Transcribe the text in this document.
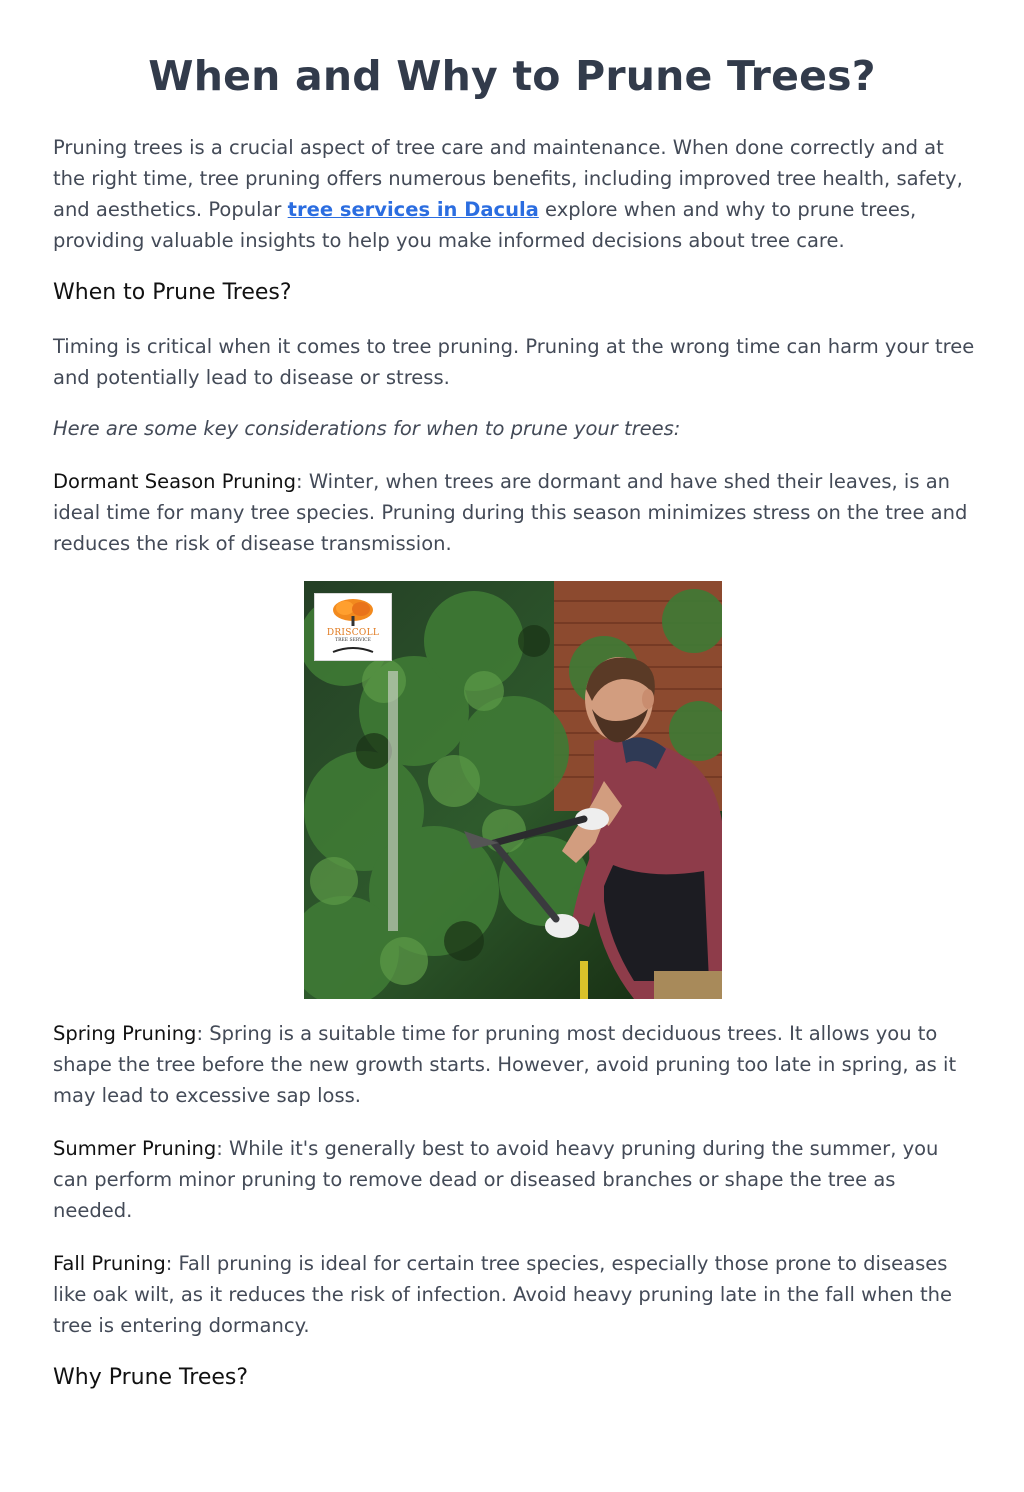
When and Why to Prune Trees?

Pruning trees is a crucial aspect of tree care and maintenance. When done correctly and at the right time, tree pruning offers numerous benefits, including improved tree health, safety, and aesthetics. Popular tree services in Dacula explore when and why to prune trees, providing valuable insights to help you make informed decisions about tree care.

When to Prune Trees?

Timing is critical when it comes to tree pruning. Pruning at the wrong time can harm your tree and potentially lead to disease or stress.

Here are some key considerations for when to prune your trees:

Dormant Season Pruning: Winter, when trees are dormant and have shed their leaves, is an ideal time for many tree species. Pruning during this season minimizes stress on the tree and reduces the risk of disease transmission.

DRISCOLL
TREE SERVICE

Spring Pruning: Spring is a suitable time for pruning most deciduous trees. It allows you to shape the tree before the new growth starts. However, avoid pruning too late in spring, as it may lead to excessive sap loss.

Summer Pruning: While it's generally best to avoid heavy pruning during the summer, you can perform minor pruning to remove dead or diseased branches or shape the tree as needed.

Fall Pruning: Fall pruning is ideal for certain tree species, especially those prone to diseases like oak wilt, as it reduces the risk of infection. Avoid heavy pruning late in the fall when the tree is entering dormancy.

Why Prune Trees?
